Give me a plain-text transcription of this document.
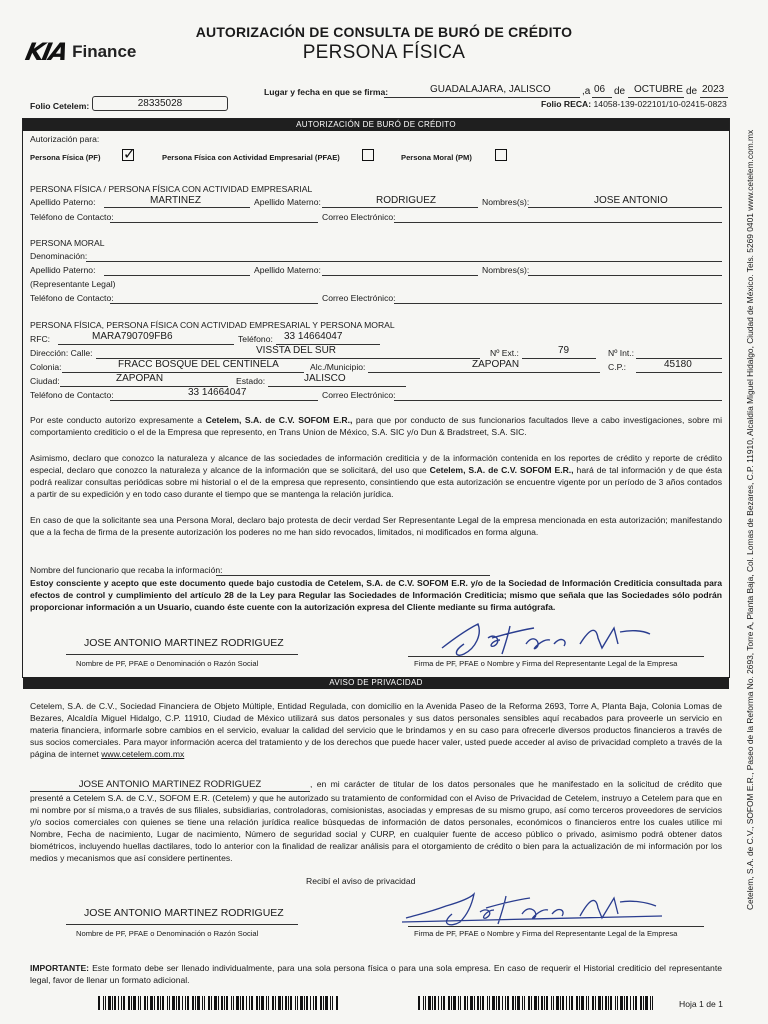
KIA Finance
AUTORIZACIÓN DE CONSULTA DE BURÓ DE CRÉDITO
PERSONA FÍSICA
Lugar y fecha en que se firma:	GUADALAJARA, JALISCO	,a 06 de OCTUBRE de 2023
Folio Cetelem:	28335028	Folio RECA: 14058-139-022101/10-02415-0823
AUTORIZACIÓN DE BURÓ DE CRÉDITO
Autorización para:
Persona Física (PF)
✓	Persona Física con Actividad Empresarial (PFAE)	Persona Moral (PM)
PERSONA FÍSICA / PERSONA FÍSICA CON ACTIVIDAD EMPRESARIAL
Apellido Paterno:	MARTINEZ	Apellido Materno:	RODRIGUEZ	Nombres(s):	JOSE ANTONIO
Teléfono de Contacto:	Correo Electrónico:
PERSONA MORAL
Denominación:
Apellido Paterno:	Apellido Materno:	Nombres(s):
(Representante Legal)
Teléfono de Contacto:	Correo Electrónico:
PERSONA FÍSICA, PERSONA FÍSICA CON ACTIVIDAD EMPRESARIAL Y PERSONA MORAL
RFC:	MARA790709FB6	Teléfono: 33 14664047
Dirección: Calle:	VISSTA DEL SUR	Nº Ext.:	79	Nº Int.:
Colonia:	FRACC BOSQUE DEL CENTINELA	Alc./Municipio:	ZAPOPAN	C.P.:	45180
Ciudad:	ZAPOPAN	Estado:	JALISCO
Teléfono de Contacto:	33 14664047	Correo Electrónico:
Por este conducto autorizo expresamente a Cetelem, S.A. de C.V. SOFOM E.R., para que por conducto de sus funcionarios facultados lleve a cabo investigaciones, sobre mi comportamiento crediticio o el de la Empresa que represento, en Trans Union de México, S.A. SIC y/o Dun & Bradstreet, S.A. SIC.
Asimismo, declaro que conozco la naturaleza y alcance de las sociedades de información crediticia y de la información contenida en los reportes de crédito y reporte de crédito especial, declaro que conozco la naturaleza y alcance de la información que se solicitará, del uso que Cetelem, S.A. de C.V. SOFOM E.R., hará de tal información y de que ésta podrá realizar consultas periódicas sobre mi historial o el de la empresa que represento, consintiendo que esta autorización se encuentre vigente por un período de 3 años contados a partir de su expedición y en todo caso durante el tiempo que se mantenga la relación jurídica.
En caso de que la solicitante sea una Persona Moral, declaro bajo protesta de decir verdad Ser Representante Legal de la empresa mencionada en esta autorización; manifestando que a la fecha de firma de la presente autorización los poderes no me han sido revocados, limitados, ni modificados en forma alguna.
Nombre del funcionario que recaba la información:
Estoy consciente y acepto que este documento quede bajo custodia de Cetelem, S.A. de C.V. SOFOM E.R. y/o de la Sociedad de Información Crediticia consultada para efectos de control y cumplimiento del artículo 28 de la Ley para Regular las Sociedades de Información Crediticia; mismo que señala que las Sociedades sólo podrán proporcionar información a un Usuario, cuando éste cuente con la autorización expresa del Cliente mediante su firma autógrafa.
JOSE ANTONIO MARTINEZ RODRIGUEZ
Nombre de PF, PFAE o Denominación o Razón Social	Firma de PF, PFAE o Nombre y Firma del Representante Legal de la Empresa
AVISO DE PRIVACIDAD
Cetelem, S.A. de C.V., Sociedad Financiera de Objeto Múltiple, Entidad Regulada, con domicilio en la Avenida Paseo de la Reforma 2693, Torre A, Planta Baja, Colonia Lomas de Bezares, Alcaldía Miguel Hidalgo, C.P. 11910, Ciudad de México utilizará sus datos personales y sus datos personales sensibles aquí recabados para proveerle un servicio en materia financiera, informarle sobre cambios en el servicio, evaluar la calidad del servicio que le brindamos y en su caso para ofrecerle diversos productos financieros a través de sus socios comerciales. Para mayor información acerca del tratamiento y de los derechos que puede hacer valer, usted puede acceder al aviso de privacidad completo a través de la página de internet www.cetelem.com.mx
JOSE ANTONIO MARTINEZ RODRIGUEZ	, en mi carácter de titular de los datos personales que he manifestado en la solicitud de crédito que presenté a Cetelem S.A. de C.V., SOFOM E.R. (Cetelem) y que he autorizado su tratamiento de conformidad con el Aviso de Privacidad de Cetelem, instruyo a Cetelem para que en mi nombre por sí misma,o a través de sus filiales, subsidiarias, controladoras, comisionistas, asociadas y empresas de su mismo grupo, así como terceros proveedores de servicios y/o socios comerciales con quienes se tiene una relación jurídica realice búsquedas de información de datos personales, económicos o financieros entre los cuales utilice mi Nombre, Fecha de nacimiento, Lugar de nacimiento, Número de seguridad social y CURP, en cualquier fuente de acceso público o privado, asimismo podrá obtener datos biométricos, incluyendo huellas dactilares, todo lo anterior con la finalidad de realizar análisis para el otorgamiento de crédito o bien para la actualización de mi información por los medios y mecanismos que así considere pertinentes.
Recibí el aviso de privacidad
JOSE ANTONIO MARTINEZ RODRIGUEZ
Nombre de PF, PFAE o Denominación o Razón Social	Firma de PF, PFAE o Nombre y Firma del Representante Legal de la Empresa
IMPORTANTE: Este formato debe ser llenado individualmente, para una sola persona física o para una sola empresa. En caso de requerir el Historial crediticio del representante legal, favor de llenar un formato adicional.
Hoja 1 de 1
Cetelem, S.A. de C.V., SOFOM E.R., Paseo de la Reforma No. 2693, Torre A, Planta Baja, Col. Lomas de Bezares, C.P. 11910, Alcaldía Miguel Hidalgo, Ciudad de México. Tels. 5269 0401 www.cetelem.com.mx
